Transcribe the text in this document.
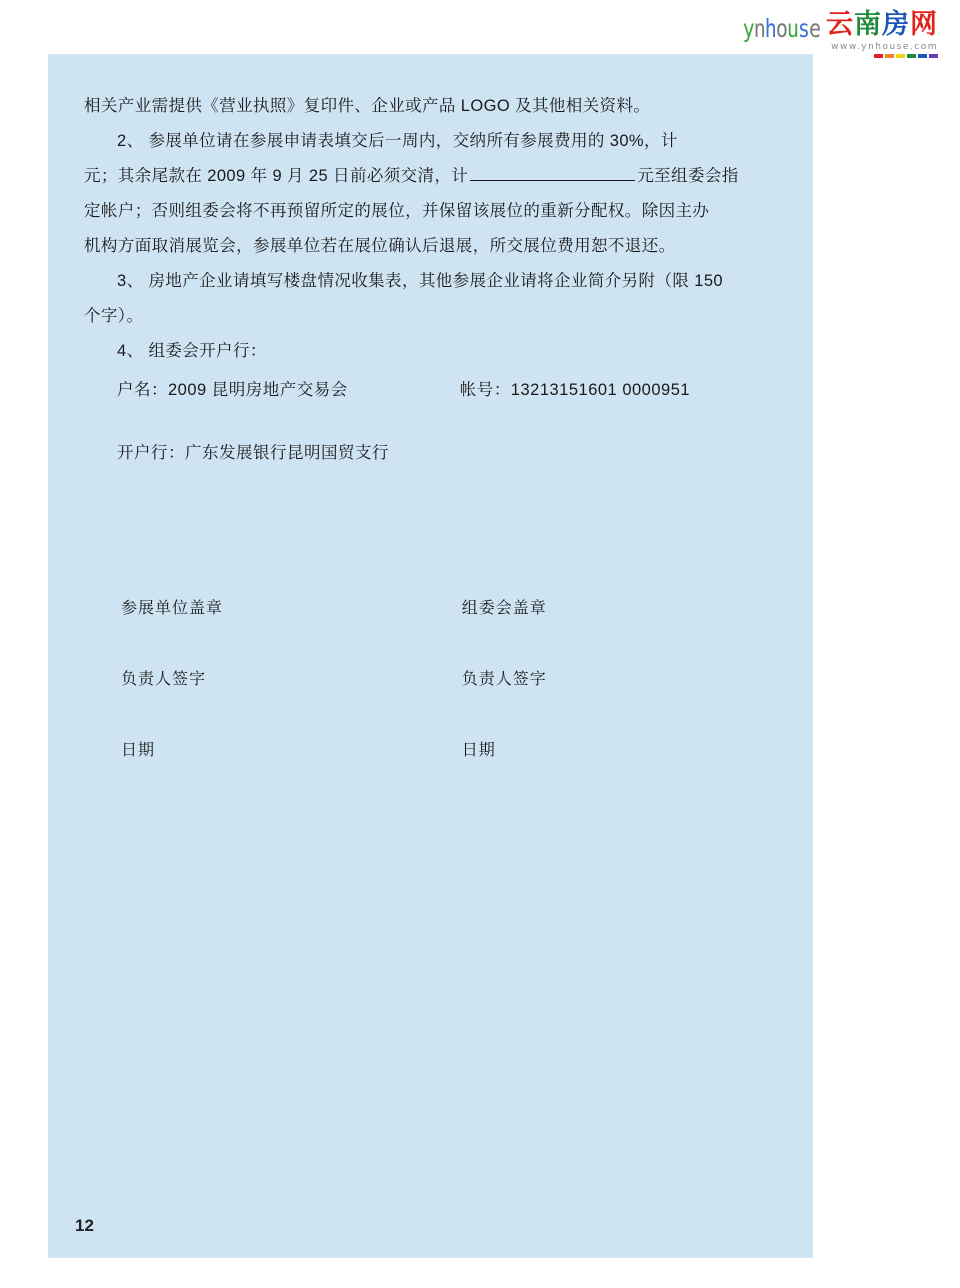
ynhouse 云南房网
www.ynhouse.com

相关产业需提供《营业执照》复印件、企业或产品 LOGO 及其他相关资料。

2、 参展单位请在参展申请表填交后一周内，交纳所有参展费用的 30%，计

元；其余尾款在 2009 年 9 月 25 日前必须交清，计	元至组委会指

定帐户；否则组委会将不再预留所定的展位，并保留该展位的重新分配权。除因主办

机构方面取消展览会，参展单位若在展位确认后退展，所交展位费用恕不退还。

3、 房地产企业请填写楼盘情况收集表，其他参展企业请将企业简介另附（限 150

个字）。

4、 组委会开户行：

户名：2009 昆明房地产交易会	帐号：13213151601 0000951
开户行：广东发展银行昆明国贸支行
参展单位盖章	组委会盖章
负责人签字	负责人签字
日期	日期
12
